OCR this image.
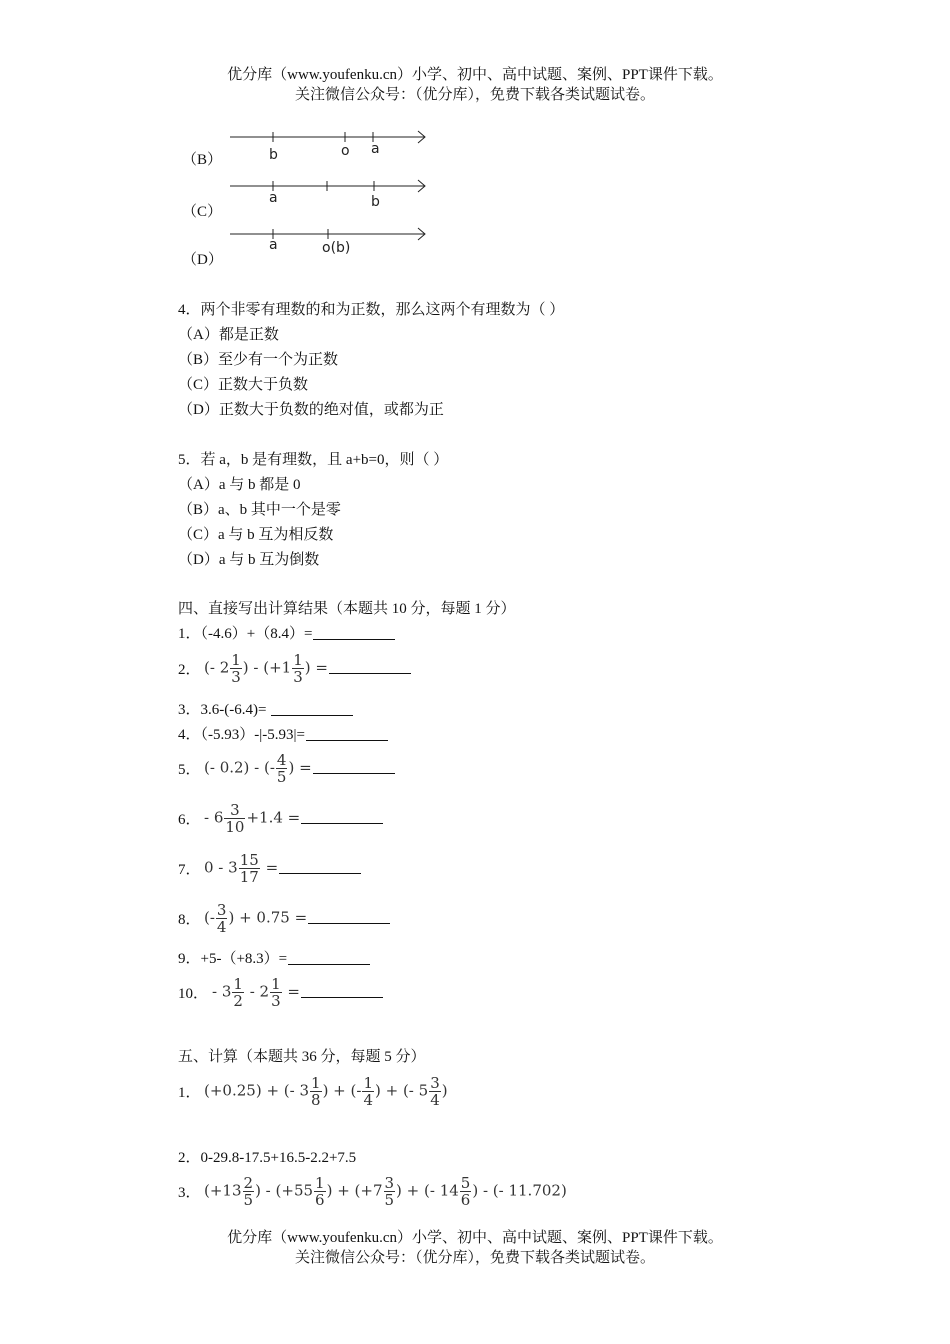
优分库（www.youfenku.cn）小学、初中、高中试题、案例、PPT课件下载。
关注微信公众号：（优分库），免费下载各类试题试卷。
（B）	b	o a
（C）
a	b
（D）
a	o(b)
4．两个非零有理数的和为正数，那么这两个有理数为（ ）
（A）都是正数
（B）至少有一个为正数
（C）正数大于负数
（D）正数大于负数的绝对值，或都为正
5．若 a，b 是有理数，且 a+b=0，则（ ）
（A）a 与 b 都是 0
（B）a、b 其中一个是零
（C）a 与 b 互为相反数
（D）a 与 b 互为倒数
四、直接写出计算结果（本题共 10 分，每题 1 分）
1．（-4.6）+（8.4）=
2． (- $2 \frac{1}{3}$ ) - ($+1 \frac{1}{3}$ ) =
3．3.6-(-6.4)=
4．（-5.93）-|-5.93|=
5． (- 0.2) - (- $\frac{4}{5}$ ) =
6． - $6 \frac{3}{10} +1.4$ =
7． $0 - 3 \frac{15}{17}$ =
8． (- $\frac{3}{4}$ ) + 0.75 =
9．+5-（+8.3）=
10．- $3 \frac{1}{2} - 2 \frac{1}{3}$ =
五、计算（本题共 36 分，每题 5 分）
1． (+0.25) + (- $3 \frac{1}{8}$ ) + (- $\frac{1}{4}$ ) + (- $5 \frac{3}{4}$ )
2．0-29.8-17.5+16.5-2.2+7.5
3． ($+13 \frac{2}{5}$ ) - ($+55 \frac{1}{6}$ ) + ($+7 \frac{3}{5}$ ) + (- $14 \frac{5}{6}$ ) - (- 11.702)
优分库（www.youfenku.cn）小学、初中、高中试题、案例、PPT课件下载。
关注微信公众号：（优分库），免费下载各类试题试卷。
